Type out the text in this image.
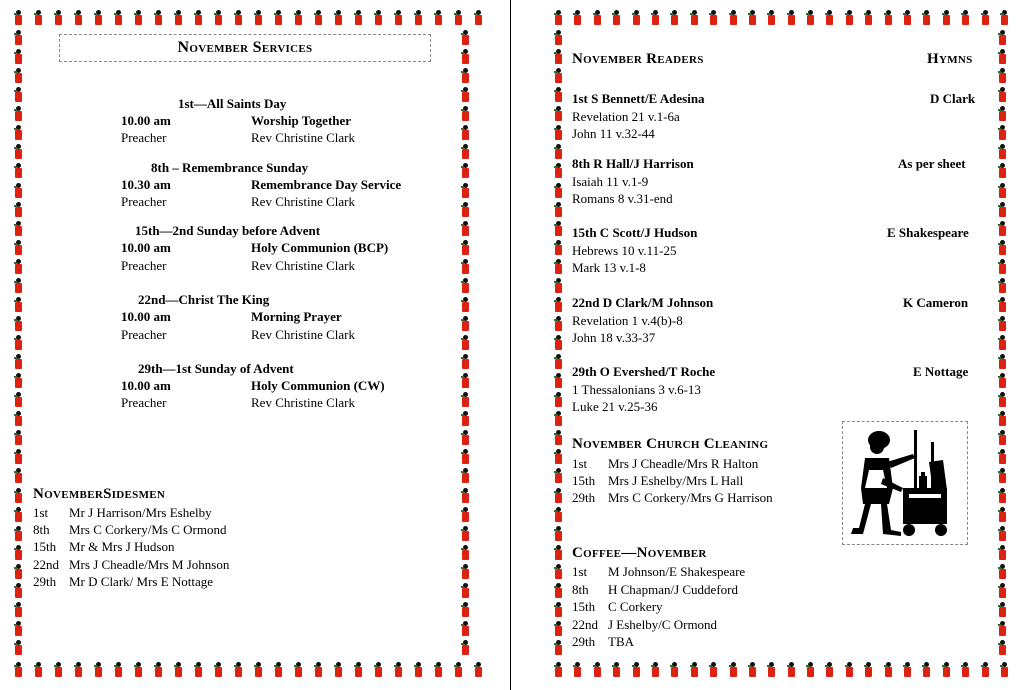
November Services
1st—All Saints Day
10.00 am	Worship Together
Preacher	Rev Christine Clark
8th – Remembrance Sunday
10.30 am	Remembrance Day Service
Preacher	Rev Christine Clark
15th—2nd Sunday before Advent
10.00 am	Holy Communion (BCP)
Preacher	Rev Christine Clark
22nd—Christ The King
10.00 am	Morning Prayer
Preacher	Rev Christine Clark
29th—1st Sunday of Advent
10.00 am	Holy Communion (CW)
Preacher	Rev Christine Clark
NovemberSidesmen
1st Mr J Harrison/Mrs Eshelby
8th Mrs C Corkery/Ms C Ormond
15th Mr & Mrs J Hudson
22nd Mrs J Cheadle/Mrs M Johnson
29th Mr D Clark/ Mrs E Nottage
November Readers	Hymns
1st S Bennett/E Adesina	D Clark
Revelation 21 v.1-6a
John 11 v.32-44
8th R Hall/J Harrison	As per sheet
Isaiah 11 v.1-9
Romans 8 v.31-end
15th C Scott/J Hudson	E Shakespeare
Hebrews 10 v.11-25
Mark 13 v.1-8
22nd D Clark/M Johnson	K Cameron
Revelation 1 v.4(b)-8
John 18 v.33-37
29th O Evershed/T Roche	E Nottage
1 Thessalonians 3 v.6-13
Luke 21 v.25-36
November Church Cleaning
1st Mrs J Cheadle/Mrs R Halton
15th Mrs J Eshelby/Mrs L Hall
29th Mrs C Corkery/Mrs G Harrison
Coffee—November
1st M Johnson/E Shakespeare
8th H Chapman/J Cuddeford
15th C Corkery
22nd J Eshelby/C Ormond
29th TBA
